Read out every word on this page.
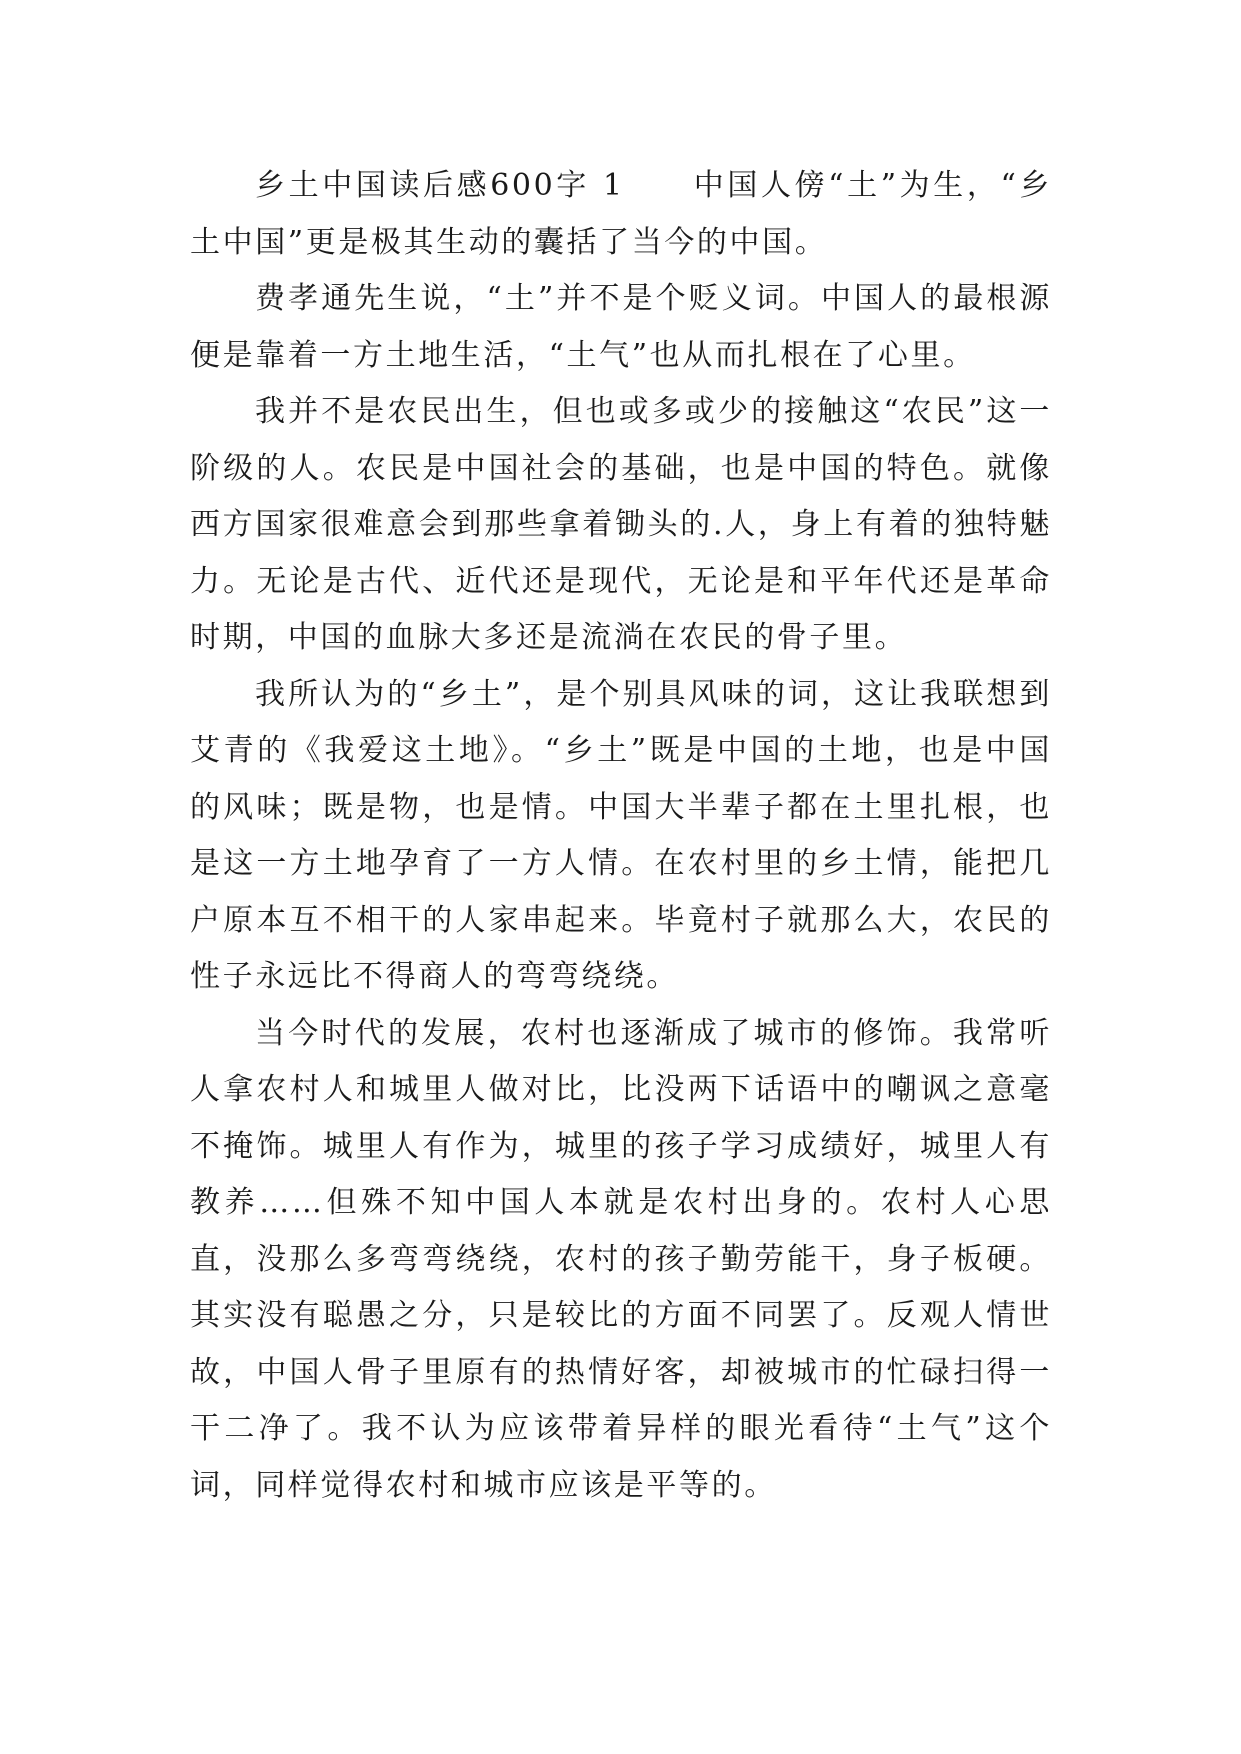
乡土中国读后感600字 1 中国人傍“土”为生，“乡土中国”更是极其生动的囊括了当今的中国。

费孝通先生说，“土”并不是个贬义词。中国人的最根源便是靠着一方土地生活，“土气”也从而扎根在了心里。

我并不是农民出生，但也或多或少的接触这“农民”这一阶级的人。农民是中国社会的基础，也是中国的特色。就像西方国家很难意会到那些拿着锄头的.人，身上有着的独特魅力。无论是古代、近代还是现代，无论是和平年代还是革命时期，中国的血脉大多还是流淌在农民的骨子里。

我所认为的“乡土”，是个别具风味的词，这让我联想到艾青的《我爱这土地》。“乡土”既是中国的土地，也是中国的风味；既是物，也是情。中国大半辈子都在土里扎根，也是这一方土地孕育了一方人情。在农村里的乡土情，能把几户原本互不相干的人家串起来。毕竟村子就那么大，农民的性子永远比不得商人的弯弯绕绕。

当今时代的发展，农村也逐渐成了城市的修饰。我常听人拿农村人和城里人做对比，比没两下话语中的嘲讽之意毫不掩饰。城里人有作为，城里的孩子学习成绩好，城里人有教养……但殊不知中国人本就是农村出身的。农村人心思直，没那么多弯弯绕绕，农村的孩子勤劳能干，身子板硬。其实没有聪愚之分，只是较比的方面不同罢了。反观人情世故，中国人骨子里原有的热情好客，却被城市的忙碌扫得一干二净了。我不认为应该带着异样的眼光看待“土气”这个词，同样觉得农村和城市应该是平等的。
